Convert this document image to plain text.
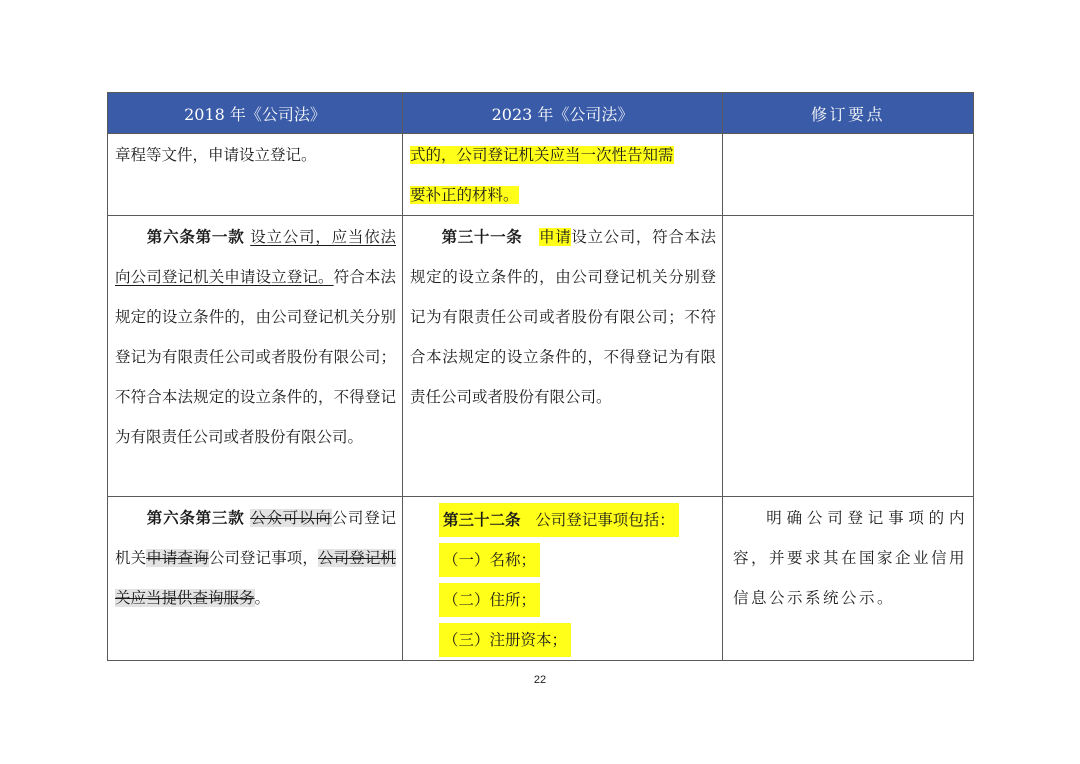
2018 年《公司法》	2023 年《公司法》	修订要点

章程等文件，申请设立登记。	式的，公司登记机关应当一次性告知需
要补正的材料。	

第六条第一款 设立公司，应当依法向公司登记机关申请设立登记。符合本法规定的设立条件的，由公司登记机关分别登记为有限责任公司或者股份有限公司；不符合本法规定的设立条件的，不得登记为有限责任公司或者股份有限公司。	第三十一条 申请设立公司，符合本法规定的设立条件的，由公司登记机关分别登记为有限责任公司或者股份有限公司；不符合本法规定的设立条件的，不得登记为有限责任公司或者股份有限公司。	

第六条第三款 公众可以向公司登记机关申请查询公司登记事项，公司登记机关应当提供查询服务。	第三十二条 公司登记事项包括：
（一）名称；
（二）住所；
（三）注册资本；	明确公司登记事项的内容，并要求其在国家企业信用信息公示系统公示。
22
